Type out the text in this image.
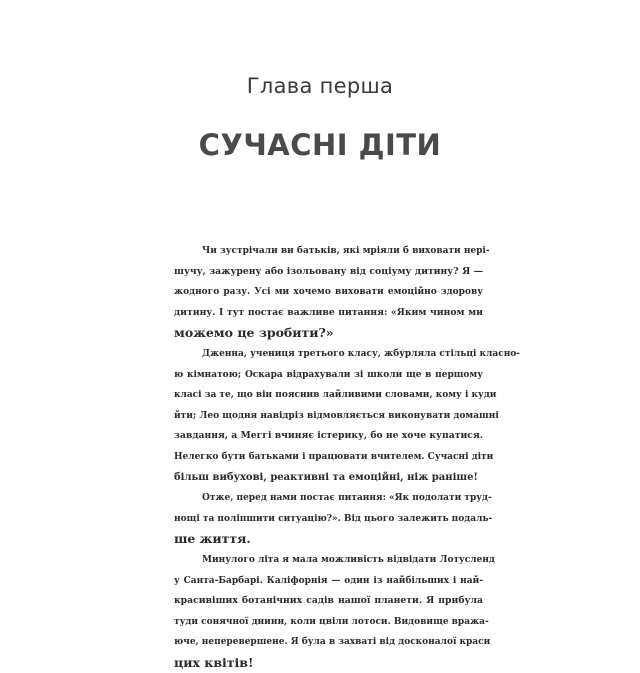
Глава перша
СУЧАСНІ ДІТИ
Чи зустрічали ви батьків, які мріяли б виховати нері-
шучу, зажурену або ізольовану від соціуму дитину? Я —
жодного разу. Усі ми хочемо виховати емоційно здорову
дитину. І тут постає важливе питання: «Яким чином ми
можемо це зробити?»
Дженна, учениця третього класу, жбурляла стільці класно-
ю кімнатою; Оскара відрахували зі школи ще в першому
класі за те, що він пояснив лайливими словами, кому і куди
йти; Лео щодня навідріз відмовляється виконувати домашні
завдання, а Меггі вчиняє істерику, бо не хоче купатися.
Нелегко бути батьками і працювати вчителем. Сучасні діти
більш вибухові, реактивні та емоційні, ніж раніше!
Отже, перед нами постає питання: «Як подолати труд-
нощі та поліпшити ситуацію?». Від цього залежить подаль-
ше життя.
Минулого літа я мала можливість відвідати Лотусленд
у Санта-Барбарі. Каліфорнія — один із найбільших і най-
красивіших ботанічних садів нашої планети. Я прибула
туди сонячної днини, коли цвіли лотоси. Видовище вража-
юче, неперевершене. Я була в захваті від досконалої краси
цих квітів!
